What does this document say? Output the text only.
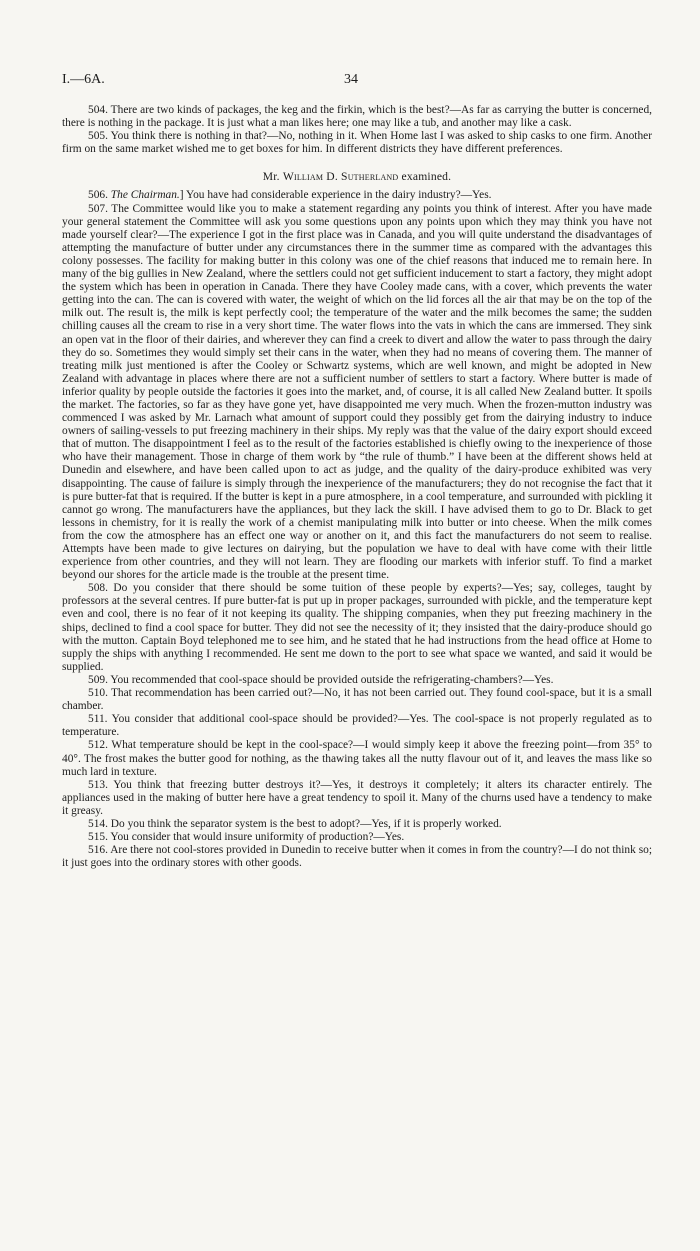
I.—6A.	34

504. There are two kinds of packages, the keg and the firkin, which is the best?—As far as carrying the butter is concerned, there is nothing in the package. It is just what a man likes here; one may like a tub, and another may like a cask.

505. You think there is nothing in that?—No, nothing in it. When Home last I was asked to ship casks to one firm. Another firm on the same market wished me to get boxes for him. In different districts they have different preferences.

Mr. William D. Sutherland examined.

506. The Chairman.] You have had considerable experience in the dairy industry?—Yes.

507. The Committee would like you to make a statement regarding any points you think of interest. After you have made your general statement the Committee will ask you some questions upon any points upon which they may think you have not made yourself clear?—The experience I got in the first place was in Canada, and you will quite understand the disadvantages of attempting the manufacture of butter under any circumstances there in the summer time as compared with the advantages this colony possesses. The facility for making butter in this colony was one of the chief reasons that induced me to remain here. In many of the big gullies in New Zealand, where the settlers could not get sufficient inducement to start a factory, they might adopt the system which has been in operation in Canada. There they have Cooley made cans, with a cover, which prevents the water getting into the can. The can is covered with water, the weight of which on the lid forces all the air that may be on the top of the milk out. The result is, the milk is kept perfectly cool; the temperature of the water and the milk becomes the same; the sudden chilling causes all the cream to rise in a very short time. The water flows into the vats in which the cans are immersed. They sink an open vat in the floor of their dairies, and wherever they can find a creek to divert and allow the water to pass through the dairy they do so. Sometimes they would simply set their cans in the water, when they had no means of covering them. The manner of treating milk just mentioned is after the Cooley or Schwartz systems, which are well known, and might be adopted in New Zealand with advantage in places where there are not a sufficient number of settlers to start a factory. Where butter is made of inferior quality by people outside the factories it goes into the market, and, of course, it is all called New Zealand butter. It spoils the market. The factories, so far as they have gone yet, have disappointed me very much. When the frozen-mutton industry was commenced I was asked by Mr. Larnach what amount of support could they possibly get from the dairying industry to induce owners of sailing-vessels to put freezing machinery in their ships. My reply was that the value of the dairy export should exceed that of mutton. The disappointment I feel as to the result of the factories established is chiefly owing to the inexperience of those who have their management. Those in charge of them work by “the rule of thumb.” I have been at the different shows held at Dunedin and elsewhere, and have been called upon to act as judge, and the quality of the dairy-produce exhibited was very disappointing. The cause of failure is simply through the inexperience of the manufacturers; they do not recognise the fact that it is pure butter-fat that is required. If the butter is kept in a pure atmosphere, in a cool temperature, and surrounded with pickling it cannot go wrong. The manufacturers have the appliances, but they lack the skill. I have advised them to go to Dr. Black to get lessons in chemistry, for it is really the work of a chemist manipulating milk into butter or into cheese. When the milk comes from the cow the atmosphere has an effect one way or another on it, and this fact the manufacturers do not seem to realise. Attempts have been made to give lectures on dairying, but the population we have to deal with have come with their little experience from other countries, and they will not learn. They are flooding our markets with inferior stuff. To find a market beyond our shores for the article made is the trouble at the present time.

508. Do you consider that there should be some tuition of these people by experts?—Yes; say, colleges, taught by professors at the several centres. If pure butter-fat is put up in proper packages, surrounded with pickle, and the temperature kept even and cool, there is no fear of it not keeping its quality. The shipping companies, when they put freezing machinery in the ships, declined to find a cool space for butter. They did not see the necessity of it; they insisted that the dairy-produce should go with the mutton. Captain Boyd telephoned me to see him, and he stated that he had instructions from the head office at Home to supply the ships with anything I recommended. He sent me down to the port to see what space we wanted, and said it would be supplied.

509. You recommended that cool-space should be provided outside the refrigerating-chambers?—Yes.

510. That recommendation has been carried out?—No, it has not been carried out. They found cool-space, but it is a small chamber.

511. You consider that additional cool-space should be provided?—Yes. The cool-space is not properly regulated as to temperature.

512. What temperature should be kept in the cool-space?—I would simply keep it above the freezing point—from 35° to 40°. The frost makes the butter good for nothing, as the thawing takes all the nutty flavour out of it, and leaves the mass like so much lard in texture.

513. You think that freezing butter destroys it?—Yes, it destroys it completely; it alters its character entirely. The appliances used in the making of butter here have a great tendency to spoil it. Many of the churns used have a tendency to make it greasy.

514. Do you think the separator system is the best to adopt?—Yes, if it is properly worked.

515. You consider that would insure uniformity of production?—Yes.

516. Are there not cool-stores provided in Dunedin to receive butter when it comes in from the country?—I do not think so; it just goes into the ordinary stores with other goods.
